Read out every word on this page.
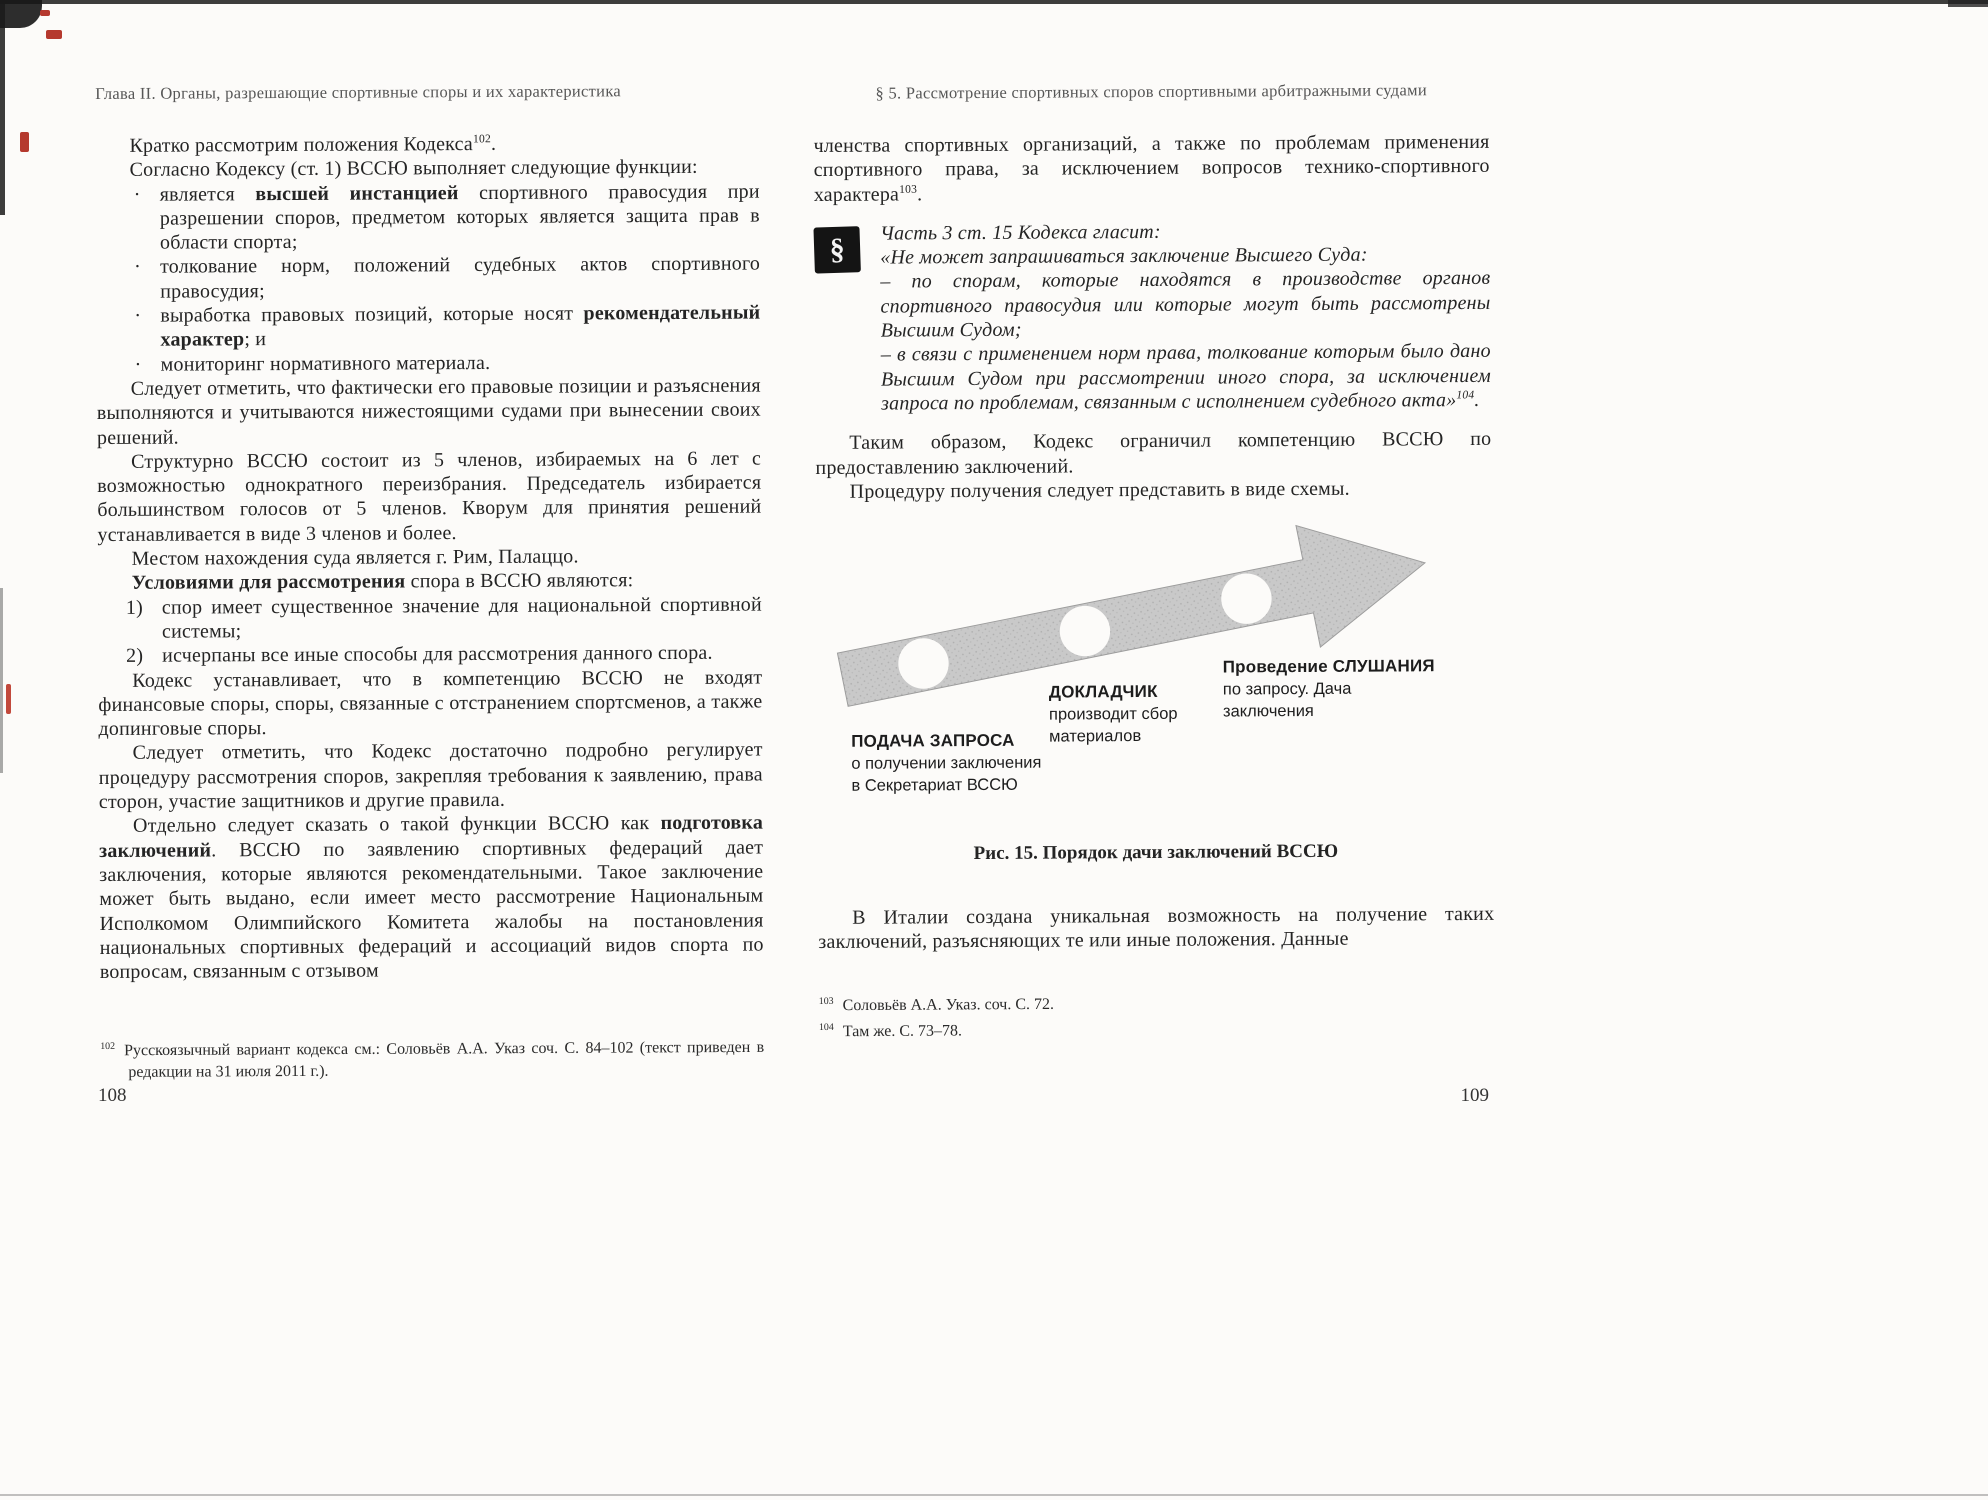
Глава II. Органы, разрешающие спортивные споры и их характеристика
Кратко рассмотрим положения Кодекса$^{102}$.
Согласно Кодексу (ст. 1) ВССЮ выполняет следующие функции:
· является высшей инстанцией спортивного правосудия при разрешении споров, предметом которых является защита прав в области спорта;
· толкование норм, положений судебных актов спортивного правосудия;
· выработка правовых позиций, которые носят рекомендательный характер; и
· мониторинг нормативного материала.
Следует отметить, что фактически его правовые позиции и разъяснения выполняются и учитываются нижестоящими судами при вынесении своих решений.
Структурно ВССЮ состоит из 5 членов, избираемых на 6 лет с возможностью однократного переизбрания. Председатель избирается большинством голосов от 5 членов. Кворум для принятия решений устанавливается в виде 3 членов и более.
Местом нахождения суда является г. Рим, Палаццо.
Условиями для рассмотрения спора в ВССЮ являются:
1) спор имеет существенное значение для национальной спортивной системы;
2) исчерпаны все иные способы для рассмотрения данного спора.
Кодекс устанавливает, что в компетенцию ВССЮ не входят финансовые споры, споры, связанные с отстранением спортсменов, а также допинговые споры.
Следует отметить, что Кодекс достаточно подробно регулирует процедуру рассмотрения споров, закрепляя требования к заявлению, права сторон, участие защитников и другие правила.
Отдельно следует сказать о такой функции ВССЮ как подготовка заключений. ВССЮ по заявлению спортивных федераций дает заключения, которые являются рекомендательными. Такое заключение может быть выдано, если имеет место рассмотрение Национальным Исполкомом Олимпийского Комитета жалобы на постановления национальных спортивных федераций и ассоциаций видов спорта по вопросам, связанным с отзывом
$^{102}$ Русскоязычный вариант кодекса см.: Соловьёв А.А. Указ соч. С. 84–102 (текст приведен в редакции на 31 июля 2011 г.).
§ 5. Рассмотрение спортивных споров спортивными арбитражными судами
членства спортивных организаций, а также по проблемам применения спортивного права, за исключением вопросов технико-спортивного характера$^{103}$.
§	Часть 3 ст. 15 Кодекса гласит:
«Не может запрашиваться заключение Высшего Суда:
– по спорам, которые находятся в производстве органов спортивного правосудия или которые могут быть рассмотрены Высшим Судом;
– в связи с применением норм права, толкование которым было дано Высшим Судом при рассмотрении иного спора, за исключением запроса по проблемам, связанным с исполнением судебного акта»$^{104}$.
Таким образом, Кодекс ограничил компетенцию ВССЮ по предоставлению заключений.
Процедуру получения следует представить в виде схемы.
ПОДАЧА ЗАПРОСА
о получении заключения
в Секретариат ВССЮ
ДОКЛАДЧИК
производит сбор
материалов
Проведение СЛУШАНИЯ
по запросу. Дача
заключения
Рис. 15. Порядок дачи заключений ВССЮ
В Италии создана уникальная возможность на получение таких заключений, разъясняющих те или иные положения. Данные
$^{103}$ Соловьёв А.А. Указ. соч. С. 72.
$^{104}$ Там же. С. 73–78.
108	109
